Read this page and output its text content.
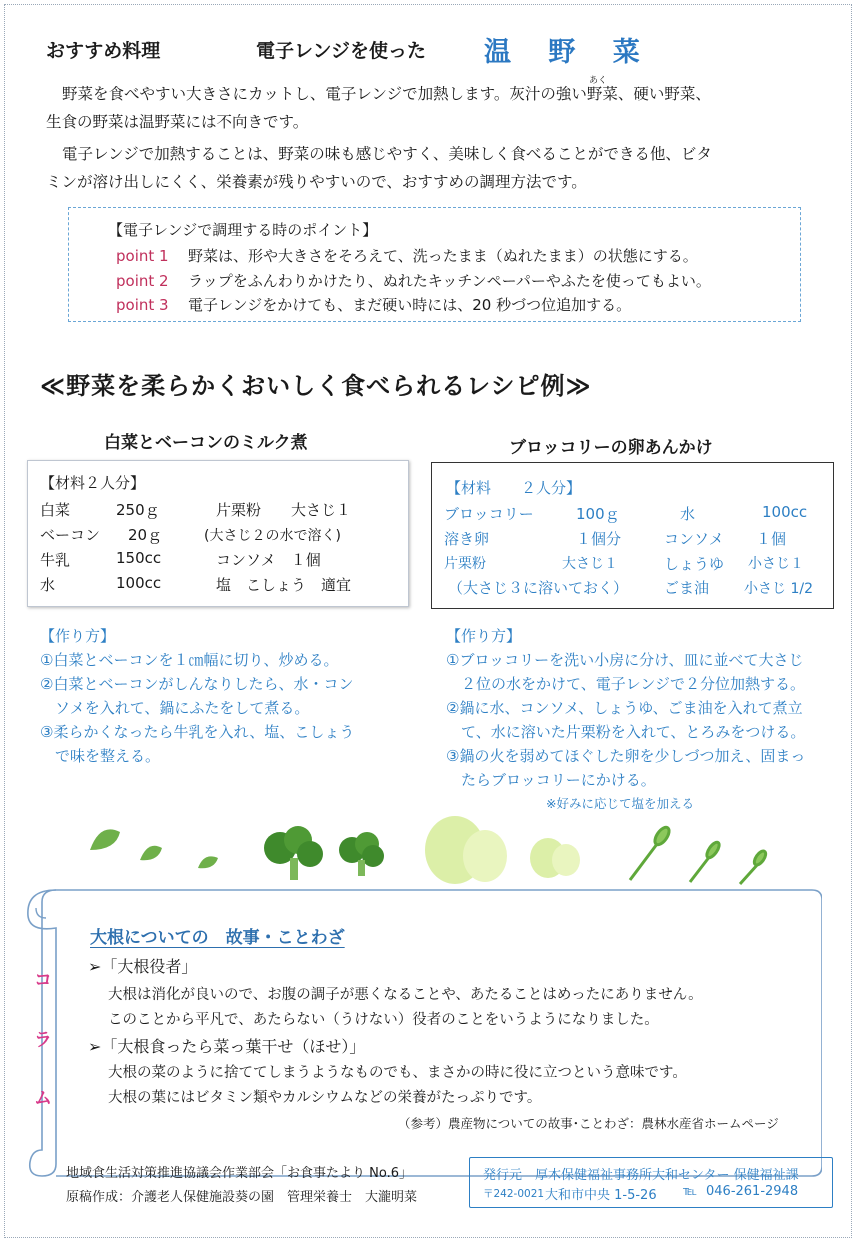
おすすめ料理	電子レンジを使った 温 野 菜
あく
野菜を食べやすい大きさにカットし、電子レンジで加熱します。灰汁の強い野菜、硬い野菜、
生食の野菜は温野菜には不向きです。
電子レンジで加熱することは、野菜の味も感じやすく、美味しく食べることができる他、ビタ
ミンが溶け出しにくく、栄養素が残りやすいので、おすすめの調理方法です。
【電子レンジで調理する時のポイント】
point 1 野菜は、形や大きさをそろえて、洗ったまま（ぬれたまま）の状態にする。
point 2 ラップをふんわりかけたり、ぬれたキッチンペーパーやふたを使ってもよい。
point 3 電子レンジをかけても、まだ硬い時には、20 秒づつ位追加する。
≪野菜を柔らかくおいしく食べられるレシピ例≫
白菜とベーコンのミルク煮
【材料２人分】
白菜	250ｇ	片栗粉　　大さじ１
ベーコン 20ｇ	(大さじ２の水で溶く)
牛乳	150cc	コンソメ　１個
水	100cc	塩　こしょう　適宜
【作り方】
①白菜とベーコンを１㎝幅に切り、炒める。
②白菜とベーコンがしんなりしたら、水・コン
　ソメを入れて、鍋にふたをして煮る。
③柔らかくなったら牛乳を入れ、塩、こしょう
　で味を整える。
ブロッコリーの卵あんかけ
【材料　　２人分】
ブロッコリー	100ｇ	水	100cc
溶き卵	１個分	コンソメ １個
片栗粉	大さじ１	しょうゆ 小さじ１
（大さじ３に溶いておく） ごま油 小さじ 1/2
【作り方】
①ブロッコリーを洗い小房に分け、皿に並べて大さじ
　２位の水をかけて、電子レンジで２分位加熱する。
②鍋に水、コンソメ、しょうゆ、ごま油を入れて煮立
　て、水に溶いた片栗粉を入れて、とろみをつける。
③鍋の火を弱めてほぐした卵を少しづつ加え、固まっ
　たらブロッコリーにかける。
※好みに応じて塩を加える
大根についての　故事・ことわざ
コ
ラ
ム
➢「大根役者」
大根は消化が良いので、お腹の調子が悪くなることや、あたることはめったにありません。
このことから平凡で、あたらない（うけない）役者のことをいうようになりました。
➢「大根食ったら菜っ葉干せ（ほせ）」
大根の菜のように捨ててしまうようなものでも、まさかの時に役に立つという意味です。
大根の葉にはビタミン類やカルシウムなどの栄養がたっぷりです。
（参考）農産物についての故事･ことわざ：農林水産省ホームページ
地域食生活対策推進協議会作業部会「お食事たより No.6」
原稿作成：介護老人保健施設葵の園　管理栄養士　大瀧明菜
発行元　厚木保健福祉事務所大和センター 保健福祉課
〒242-0021 大和市中央 1-5-26 ℡ 046-261-2948
